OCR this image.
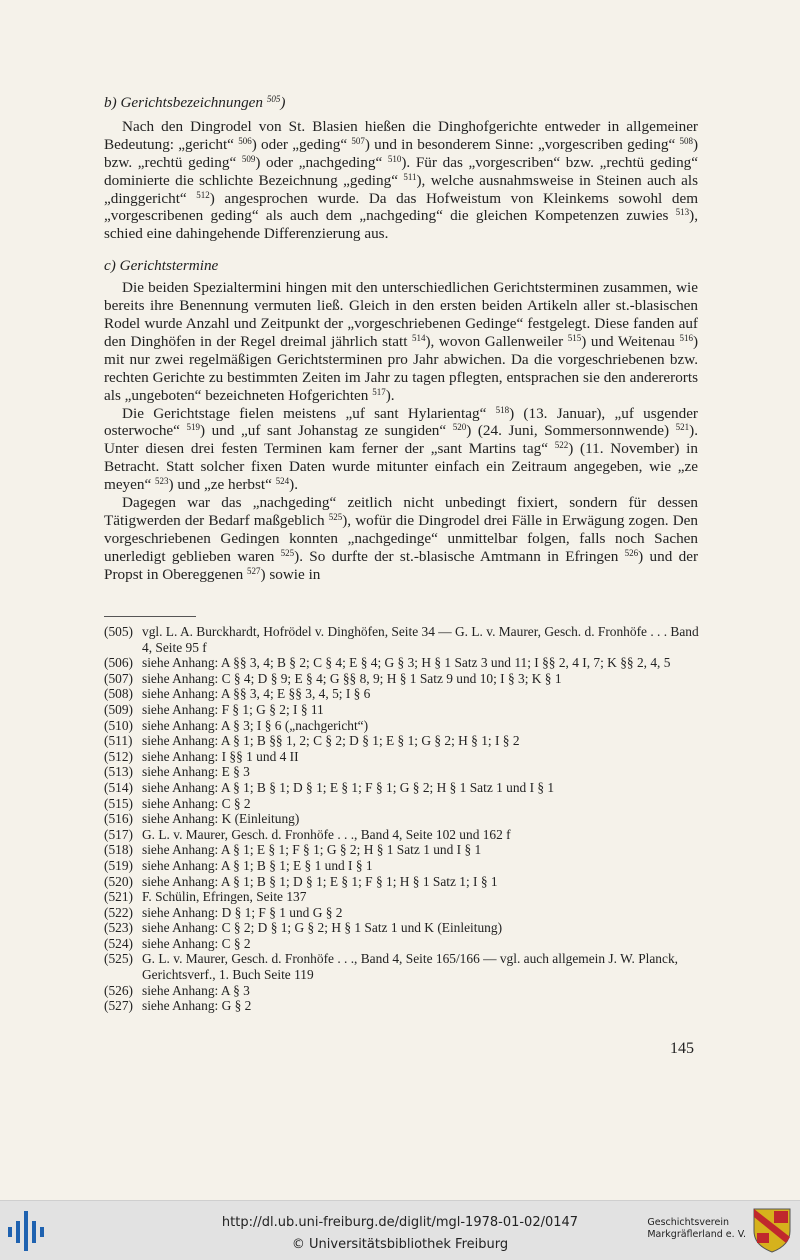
b) Gerichtsbezeichnungen $^{505}$)

Nach den Dingrodel von St. Blasien hießen die Dinghofgerichte entweder in allgemeiner Bedeutung: „gericht“ $^{506}$) oder „geding“ $^{507}$) und in besonderem Sinne: „vorgescriben geding“ $^{508}$) bzw. „rechtü geding“ $^{509}$) oder „nachgeding“ $^{510}$). Für das „vorgescriben“ bzw. „rechtü geding“ dominierte die schlichte Bezeichnung „geding“ $^{511}$), welche ausnahmsweise in Steinen auch als „dinggericht“ $^{512}$) angesprochen wurde. Da das Hofweistum von Kleinkems sowohl dem „vorgescribenen geding“ als auch dem „nachgeding“ die gleichen Kompetenzen zuwies $^{513}$), schied eine dahingehende Differenzierung aus.

c) Gerichtstermine

Die beiden Spezialtermini hingen mit den unterschiedlichen Gerichtsterminen zusammen, wie bereits ihre Benennung vermuten ließ. Gleich in den ersten beiden Artikeln aller st.-blasischen Rodel wurde Anzahl und Zeitpunkt der „vorgeschriebenen Gedinge“ festgelegt. Diese fanden auf den Dinghöfen in der Regel dreimal jährlich statt $^{514}$), wovon Gallenweiler $^{515}$) und Weitenau $^{516}$) mit nur zwei regelmäßigen Gerichtsterminen pro Jahr abwichen. Da die vorgeschriebenen bzw. rechten Gerichte zu bestimmten Zeiten im Jahr zu tagen pflegten, entsprachen sie den andererorts als „ungeboten“ bezeichneten Hofgerichten $^{517}$).

Die Gerichtstage fielen meistens „uf sant Hylarientag“ $^{518}$) (13. Januar), „uf usgender osterwoche“ $^{519}$) und „uf sant Johanstag ze sungiden“ $^{520}$) (24. Juni, Sommersonnwende) $^{521}$). Unter diesen drei festen Terminen kam ferner der „sant Martins tag“ $^{522}$) (11. November) in Betracht. Statt solcher fixen Daten wurde mitunter einfach ein Zeitraum angegeben, wie „ze meyen“ $^{523}$) und „ze herbst“ $^{524}$).

Dagegen war das „nachgeding“ zeitlich nicht unbedingt fixiert, sondern für dessen Tätigwerden der Bedarf maßgeblich $^{525}$), wofür die Dingrodel drei Fälle in Erwägung zogen. Den vorgeschriebenen Gedingen konnten „nachgedinge“ unmittelbar folgen, falls noch Sachen unerledigt geblieben waren $^{525}$). So durfte der st.-blasische Amtmann in Efringen $^{526}$) und der Propst in Obereggenen $^{527}$) sowie in

(505) vgl. L. A. Burckhardt, Hofrödel v. Dinghöfen, Seite 34 — G. L. v. Maurer, Gesch. d. Fronhöfe . . . Band 4, Seite 95 f
(506) siehe Anhang: A §§ 3, 4; B § 2; C § 4; E § 4; G § 3; H § 1 Satz 3 und 11; I §§ 2, 4 I, 7; K §§ 2, 4, 5
(507) siehe Anhang: C § 4; D § 9; E § 4; G §§ 8, 9; H § 1 Satz 9 und 10; I § 3; K § 1
(508) siehe Anhang: A §§ 3, 4; E §§ 3, 4, 5; I § 6
(509) siehe Anhang: F § 1; G § 2; I § 11
(510) siehe Anhang: A § 3; I § 6 („nachgericht“)
(511) siehe Anhang: A § 1; B §§ 1, 2; C § 2; D § 1; E § 1; G § 2; H § 1; I § 2
(512) siehe Anhang: I §§ 1 und 4 II
(513) siehe Anhang: E § 3
(514) siehe Anhang: A § 1; B § 1; D § 1; E § 1; F § 1; G § 2; H § 1 Satz 1 und I § 1
(515) siehe Anhang: C § 2
(516) siehe Anhang: K (Einleitung)
(517) G. L. v. Maurer, Gesch. d. Fronhöfe . . ., Band 4, Seite 102 und 162 f
(518) siehe Anhang: A § 1; E § 1; F § 1; G § 2; H § 1 Satz 1 und I § 1
(519) siehe Anhang: A § 1; B § 1; E § 1 und I § 1
(520) siehe Anhang: A § 1; B § 1; D § 1; E § 1; F § 1; H § 1 Satz 1; I § 1
(521) F. Schülin, Efringen, Seite 137
(522) siehe Anhang: D § 1; F § 1 und G § 2
(523) siehe Anhang: C § 2; D § 1; G § 2; H § 1 Satz 1 und K (Einleitung)
(524) siehe Anhang: C § 2
(525) G. L. v. Maurer, Gesch. d. Fronhöfe . . ., Band 4, Seite 165/166 — vgl. auch allgemein J. W. Planck, Gerichtsverf., 1. Buch Seite 119
(526) siehe Anhang: A § 3
(527) siehe Anhang: G § 2
145
http://dl.ub.uni-freiburg.de/diglit/mgl-1978-01-02/0147
© Universitätsbibliothek Freiburg
Geschichtsverein
Markgräflerland e. V.
